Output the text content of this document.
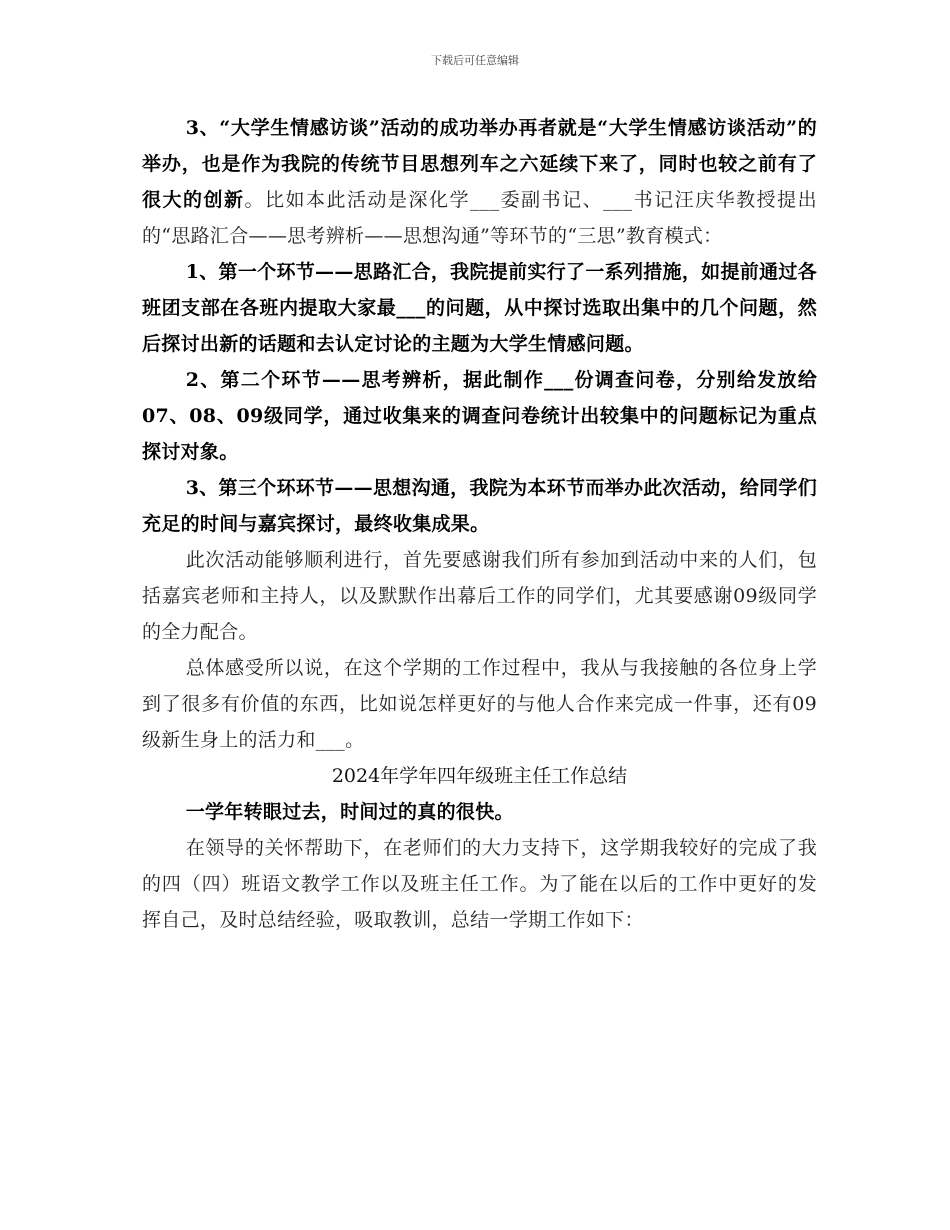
下载后可任意编辑

3、“大学生情感访谈”活动的成功举办再者就是“大学生情感访谈活动”的举办，也是作为我院的传统节目思想列车之六延续下来了，同时也较之前有了很大的创新。比如本此活动是深化学___委副书记、___书记汪庆华教授提出的“思路汇合——思考辨析——思想沟通”等环节的“三思”教育模式：

1、第一个环节——思路汇合，我院提前实行了一系列措施，如提前通过各班团支部在各班内提取大家最___的问题，从中探讨选取出集中的几个问题，然后探讨出新的话题和去认定讨论的主题为大学生情感问题。

2、第二个环节——思考辨析，据此制作___份调查问卷，分别给发放给07、08、09级同学，通过收集来的调查问卷统计出较集中的问题标记为重点探讨对象。

3、第三个环环节——思想沟通，我院为本环节而举办此次活动，给同学们充足的时间与嘉宾探讨，最终收集成果。

此次活动能够顺利进行，首先要感谢我们所有参加到活动中来的人们，包括嘉宾老师和主持人，以及默默作出幕后工作的同学们，尤其要感谢09级同学的全力配合。

总体感受所以说，在这个学期的工作过程中，我从与我接触的各位身上学到了很多有价值的东西，比如说怎样更好的与他人合作来完成一件事，还有09级新生身上的活力和___。

2024年学年四年级班主任工作总结

一学年转眼过去，时间过的真的很快。

在领导的关怀帮助下，在老师们的大力支持下，这学期我较好的完成了我的四（四）班语文教学工作以及班主任工作。为了能在以后的工作中更好的发挥自己，及时总结经验，吸取教训，总结一学期工作如下：
